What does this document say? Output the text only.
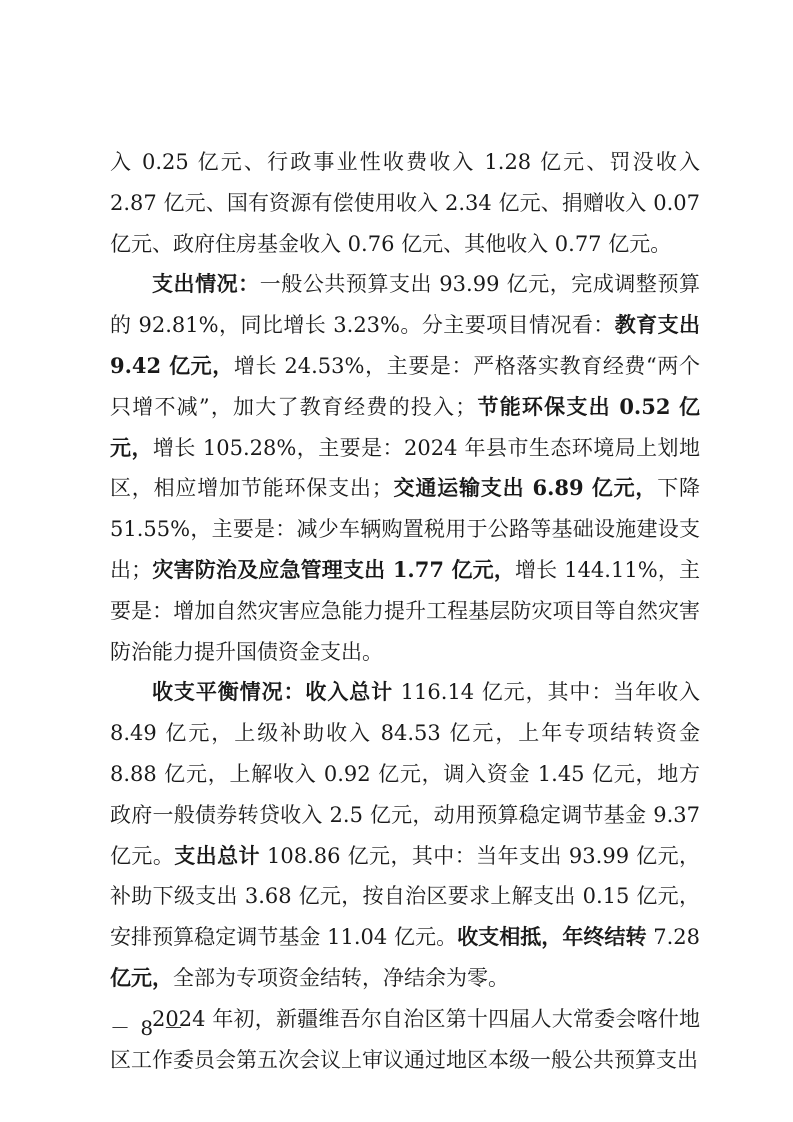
入 0.25 亿元、行政事业性收费收入 1.28 亿元、罚没收入 2.87 亿元、国有资源有偿使用收入 2.34 亿元、捐赠收入 0.07 亿元、政府住房基金收入 0.76 亿元、其他收入 0.77 亿元。

支出情况：一般公共预算支出 93.99 亿元，完成调整预算的 92.81%，同比增长 3.23%。分主要项目情况看：教育支出 9.42 亿元，增长 24.53%，主要是：严格落实教育经费“两个只增不减”，加大了教育经费的投入；节能环保支出 0.52 亿元，增长 105.28%，主要是：2024 年县市生态环境局上划地区，相应增加节能环保支出；交通运输支出 6.89 亿元，下降 51.55%，主要是：减少车辆购置税用于公路等基础设施建设支出；灾害防治及应急管理支出 1.77 亿元，增长 144.11%，主要是：增加自然灾害应急能力提升工程基层防灾项目等自然灾害防治能力提升国债资金支出。

收支平衡情况：收入总计 116.14 亿元，其中：当年收入 8.49 亿元，上级补助收入 84.53 亿元，上年专项结转资金 8.88 亿元，上解收入 0.92 亿元，调入资金 1.45 亿元，地方政府一般债券转贷收入 2.5 亿元，动用预算稳定调节基金 9.37 亿元。支出总计 108.86 亿元，其中：当年支出 93.99 亿元，补助下级支出 3.68 亿元，按自治区要求上解支出 0.15 亿元，安排预算稳定调节基金 11.04 亿元。收支相抵，年终结转 7.28 亿元，全部为专项资金结转，净结余为零。

2024 年初，新疆维吾尔自治区第十四届人大常委会喀什地区工作委员会第五次会议上审议通过地区本级一般公共预算支出

－ 8 －
